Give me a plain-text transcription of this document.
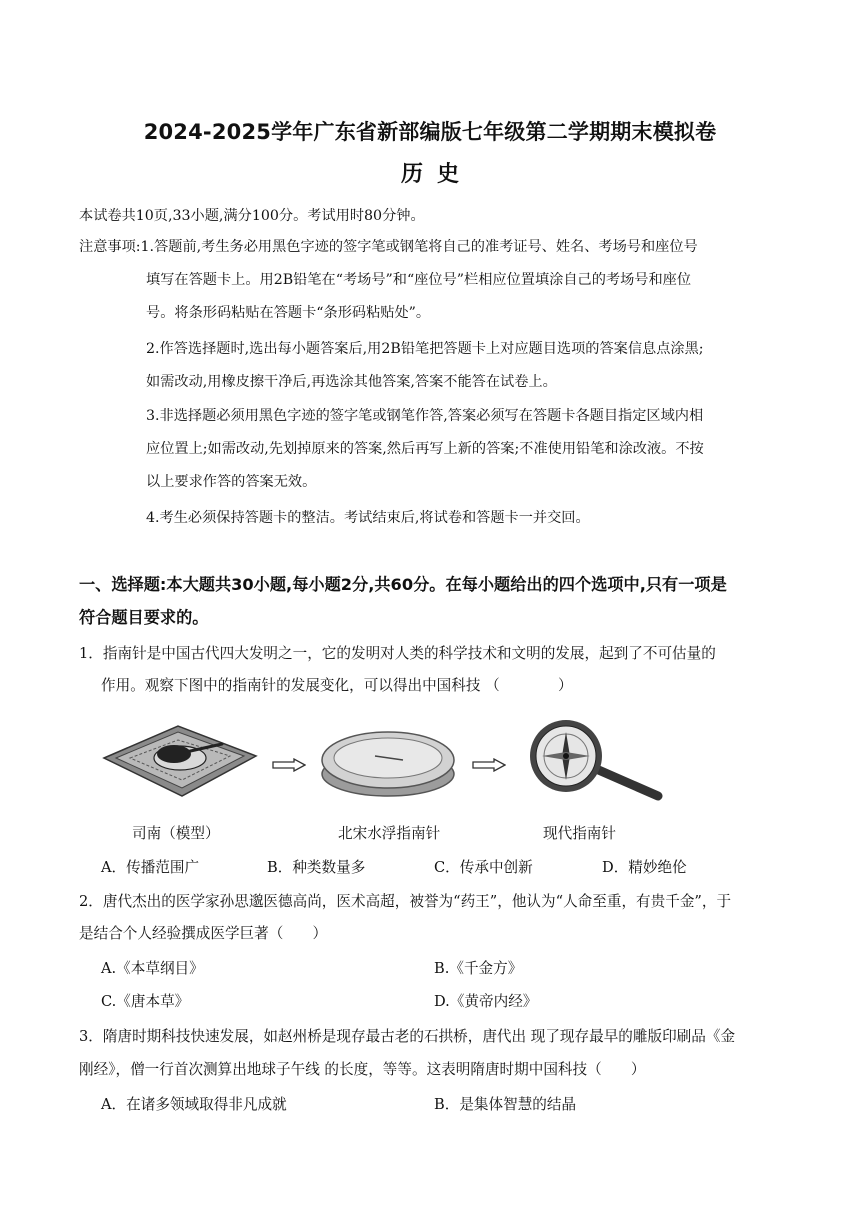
2024-2025学年广东省新部编版七年级第二学期期末模拟卷
历史
本试卷共10页,33小题,满分100分。考试用时80分钟。
注意事项:1.答题前,考生务必用黑色字迹的签字笔或钢笔将自己的准考证号、姓名、考场号和座位号
填写在答题卡上。用2B铅笔在“考场号”和“座位号”栏相应位置填涂自己的考场号和座位
号。将条形码粘贴在答题卡“条形码粘贴处”。
2.作答选择题时,选出每小题答案后,用2B铅笔把答题卡上对应题目选项的答案信息点涂黑;
如需改动,用橡皮擦干净后,再选涂其他答案,答案不能答在试卷上。
3.非选择题必须用黑色字迹的签字笔或钢笔作答,答案必须写在答题卡各题目指定区域内相
应位置上;如需改动,先划掉原来的答案,然后再写上新的答案;不准使用铅笔和涂改液。不按
以上要求作答的答案无效。
4.考生必须保持答题卡的整洁。考试结束后,将试卷和答题卡一并交回。
一、选择题:本大题共30小题,每小题2分,共60分。在每小题给出的四个选项中,只有一项是
符合题目要求的。
1．指南针是中国古代四大发明之一，它的发明对人类的科学技术和文明的发展，起到了不可估量的
作用。观察下图中的指南针的发展变化，可以得出中国科技 （　　　　）
司南（模型）	北宋水浮指南针	现代指南针
A．传播范围广	B．种类数量多	C．传承中创新	D．精妙绝伦
2．唐代杰出的医学家孙思邈医德高尚，医术高超，被誉为“药王”，他认为“人命至重，有贵千金”，于
是结合个人经验撰成医学巨著（　　）
A.《本草纲目》	B.《千金方》
C.《唐本草》	D.《黄帝内经》
3．隋唐时期科技快速发展，如赵州桥是现存最古老的石拱桥，唐代出 现了现存最早的雕版印刷品《金
刚经》，僧一行首次测算出地球子午线 的长度，等等。这表明隋唐时期中国科技（　　）
A．在诸多领域取得非凡成就	B．是集体智慧的结晶
